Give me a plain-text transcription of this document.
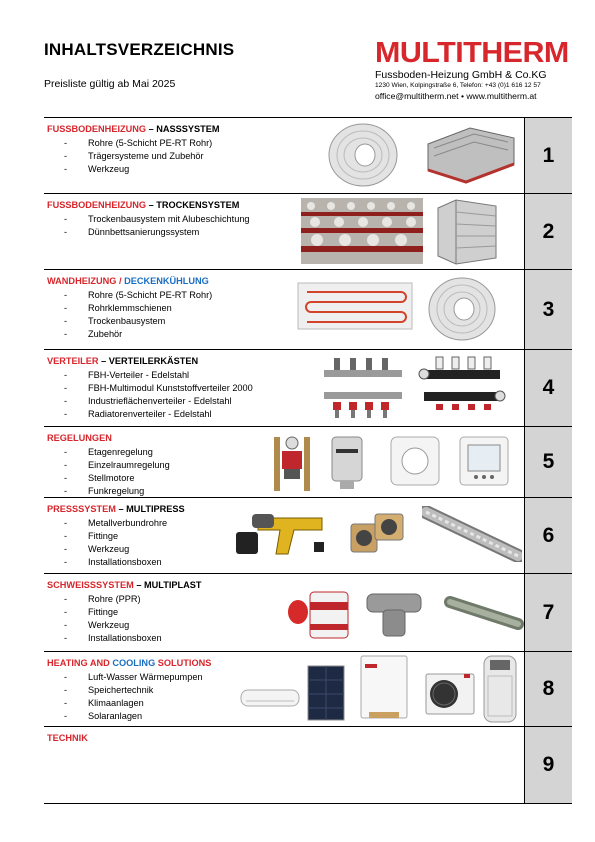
INHALTSVERZEICHNIS
Preisliste gültig ab Mai 2025
MULTITHERM
Fussboden-Heizung GmbH & Co.KG
1230 Wien, Kolpingstraße 6, Telefon: +43 (0)1 616 12 57
office@multitherm.net • www.multitherm.at
FUSSBODENHEIZUNG – NASSSYSTEM
- Rohre (5-Schicht PE-RT Rohr)
- Trägersysteme und Zubehör
- Werkzeug
1
FUSSBODENHEIZUNG – TROCKENSYSTEM
- Trockenbausystem mit Alubeschichtung
- Dünnbettsanierungssystem	2
WANDHEIZUNG / DECKENKÜHLUNG
- Rohre (5-Schicht PE-RT Rohr)
- Rohrklemmschienen
- Trockenbausystem
- Zubehör
3
VERTEILER – VERTEILERKÄSTEN
- FBH-Verteiler - Edelstahl
- FBH-Multimodul Kunststoffverteiler 2000
- Industrieflächenverteiler - Edelstahl
- Radiatorenverteiler - Edelstahl
4
REGELUNGEN
- Etagenregelung
- Einzelraumregelung
- Stellmotore
- Funkregelung
5
PRESSSYSTEM – MULTIPRESS
- Metallverbundrohre
- Fittinge
- Werkzeug
- Installationsboxen
6
SCHWEISSSYSTEM – MULTIPLAST
- Rohre (PPR)
- Fittinge
- Werkzeug
- Installationsboxen
7
HEATING AND COOLING SOLUTIONS
- Luft-Wasser Wärmepumpen
- Speichertechnik
- Klimaanlagen
- Solaranlagen
8
TECHNIK
9
